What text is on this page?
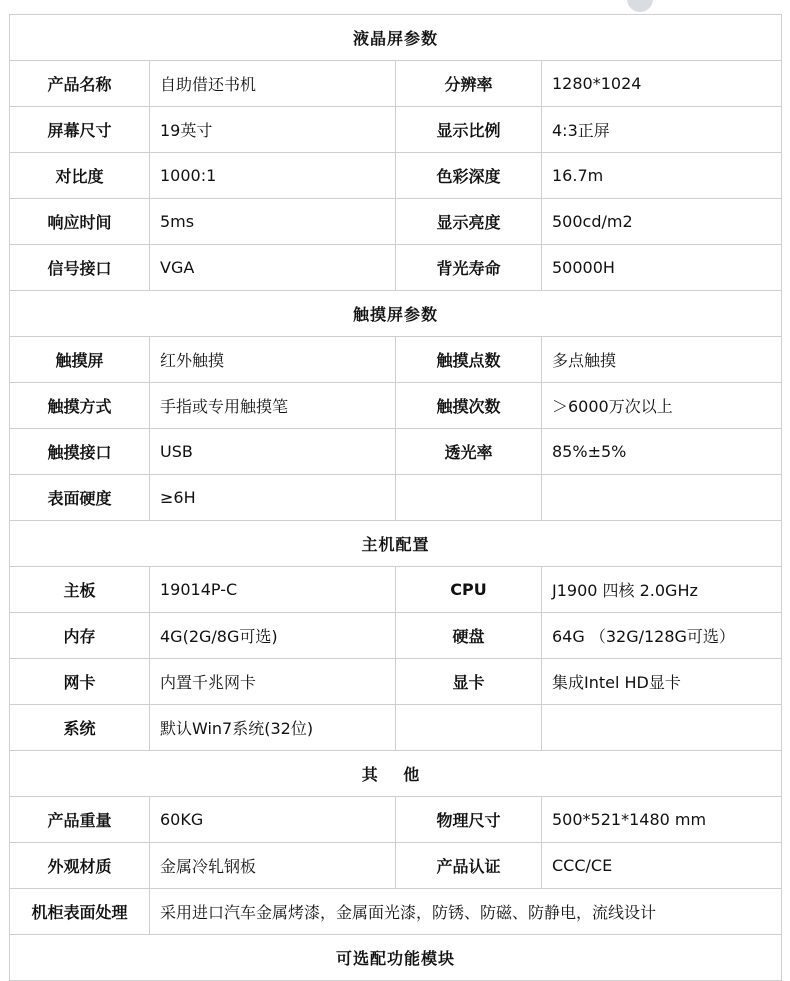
液晶屏参数			
产品名称	自助借还书机	分辨率	1280*1024
屏幕尺寸	19英寸	显示比例	4:3正屏
对比度	1000:1	色彩深度	16.7m
响应时间	5ms	显示亮度	500cd/m2
信号接口	VGA	背光寿命	50000H
触摸屏参数			
触摸屏	红外触摸	触摸点数	多点触摸
触摸方式	手指或专用触摸笔	触摸次数	＞6000万次以上
触摸接口	USB	透光率	85%±5%
表面硬度	≥6H		
主机配置			
主板	19014P-C	CPU	J1900 四核 2.0GHz
内存	4G(2G/8G可选)	硬盘	64G （32G/128G可选）
网卡	内置千兆网卡	显卡	集成Intel HD显卡
系统	默认Win7系统(32位)		
其 他			
产品重量	60KG	物理尺寸	500*521*1480 mm
外观材质	金属冷轧钢板	产品认证	CCC/CE
机柜表面处理	采用进口汽车金属烤漆，金属面光漆，防锈、防磁、防静电，流线设计		
可选配功能模块			
